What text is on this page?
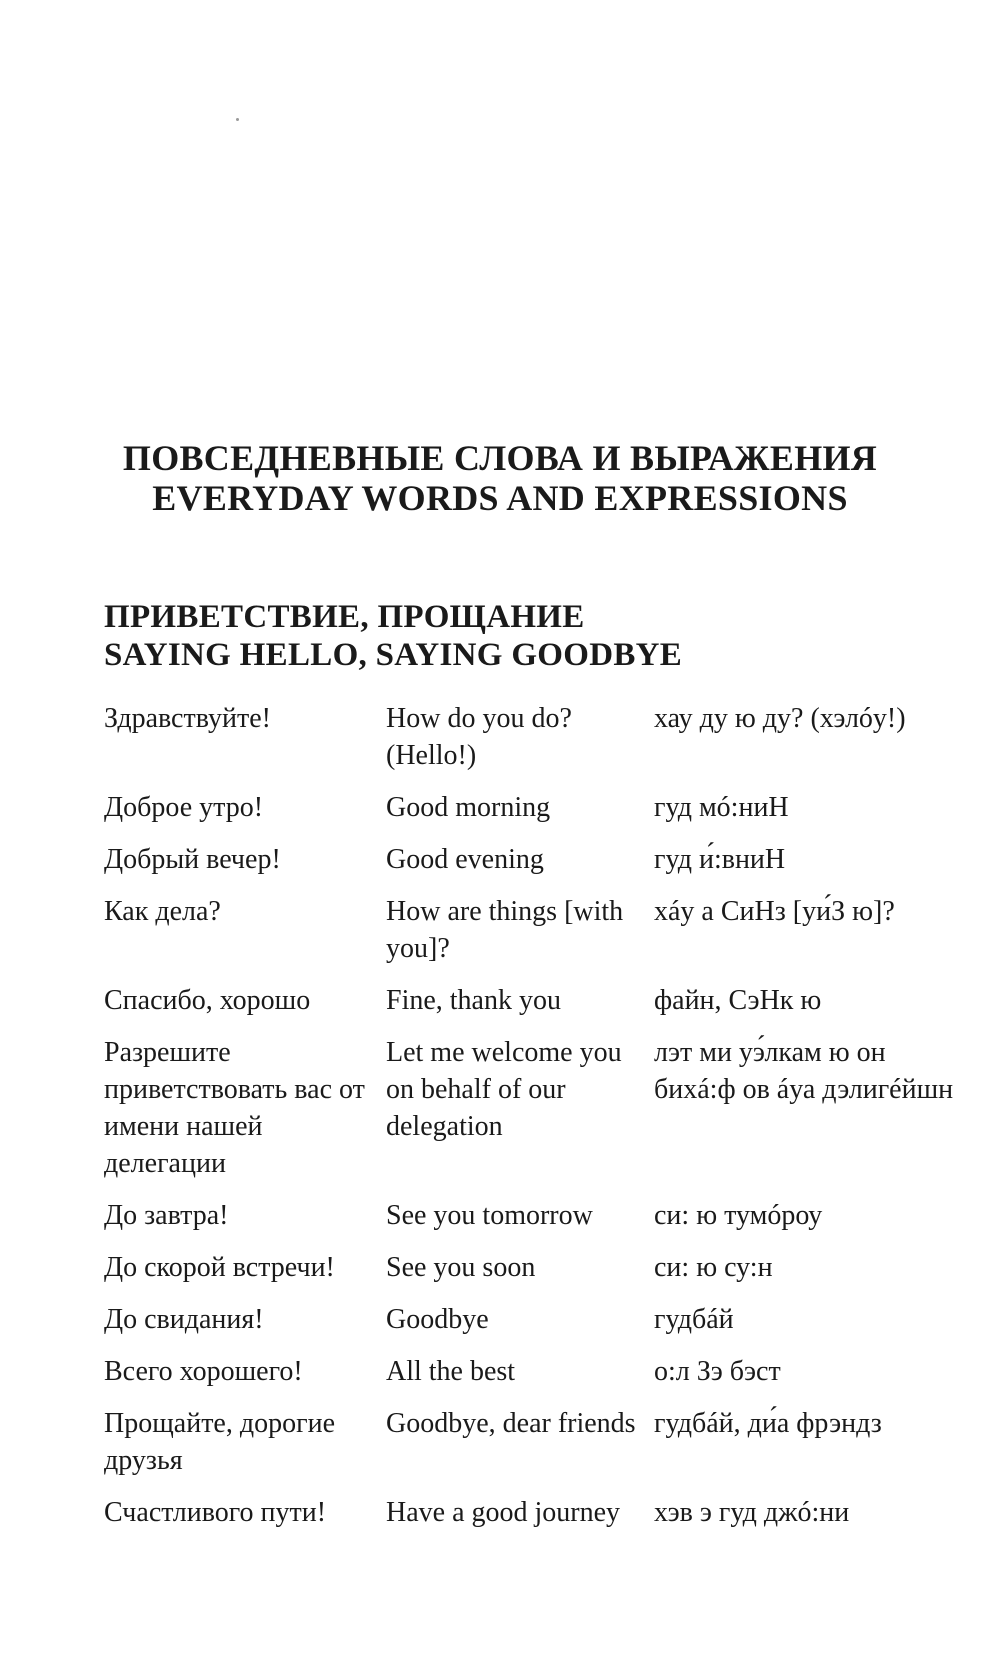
ПОВСЕДНЕВНЫЕ СЛОВА И ВЫРАЖЕНИЯ

EVERYDAY WORDS AND EXPRESSIONS

ПРИВЕТСТВИЕ, ПРОЩАНИЕ

SAYING HELLO, SAYING GOODBYE

Здравствуйте!	How do you do? (Hello!)	хау ду ю ду? (хэлóу!)
Доброе утро!	Good morning	гуд мó:ниН
Добрый вечер!	Good evening	гуд и́:вниН
Как дела?	How are things [with you]?	хáу а СиНз [уи́З ю]?
Спасибо, хорошо	Fine, thank you	файн, СэНк ю
Разрешите приветствовать вас от имени нашей делегации	Let me welcome you on behalf of our delegation	лэт ми уэ́лкам ю он бихá:ф ов áуа дэлигéйшн
До завтра!	See you tomorrow	си: ю тумóроу
До скорой встречи!	See you soon	си: ю су:н
До свидания!	Goodbye	гудбáй
Всего хорошего!	All the best	о:л Зэ бэст
Прощайте, дорогие друзья	Goodbye, dear friends	гудбáй, ди́а фрэндз
Счастливого пути!	Have a good journey	хэв э гуд джó:ни
